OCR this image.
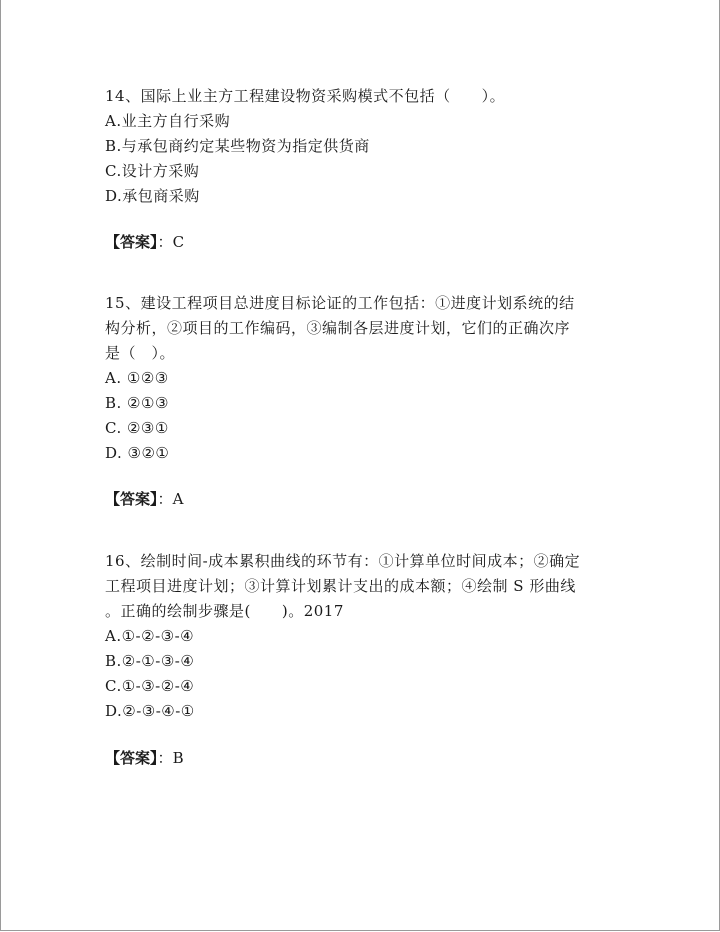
14、国际上业主方工程建设物资采购模式不包括（　　）。
A.业主方自行采购
B.与承包商约定某些物资为指定供货商
C.设计方采购
D.承包商采购
【答案】：C
15、建设工程项目总进度目标论证的工作包括：①进度计划系统的结
构分析，②项目的工作编码，③编制各层进度计划，它们的正确次序
是（　）。
A. ①②③
B. ②①③
C. ②③①
D. ③②①
【答案】：A
16、绘制时间-成本累积曲线的环节有：①计算单位时间成本；②确定
工程项目进度计划；③计算计划累计支出的成本额；④绘制 S 形曲线
。正确的绘制步骤是(　　)。2017
A.①-②-③-④
B.②-①-③-④
C.①-③-②-④
D.②-③-④-①
【答案】：B
